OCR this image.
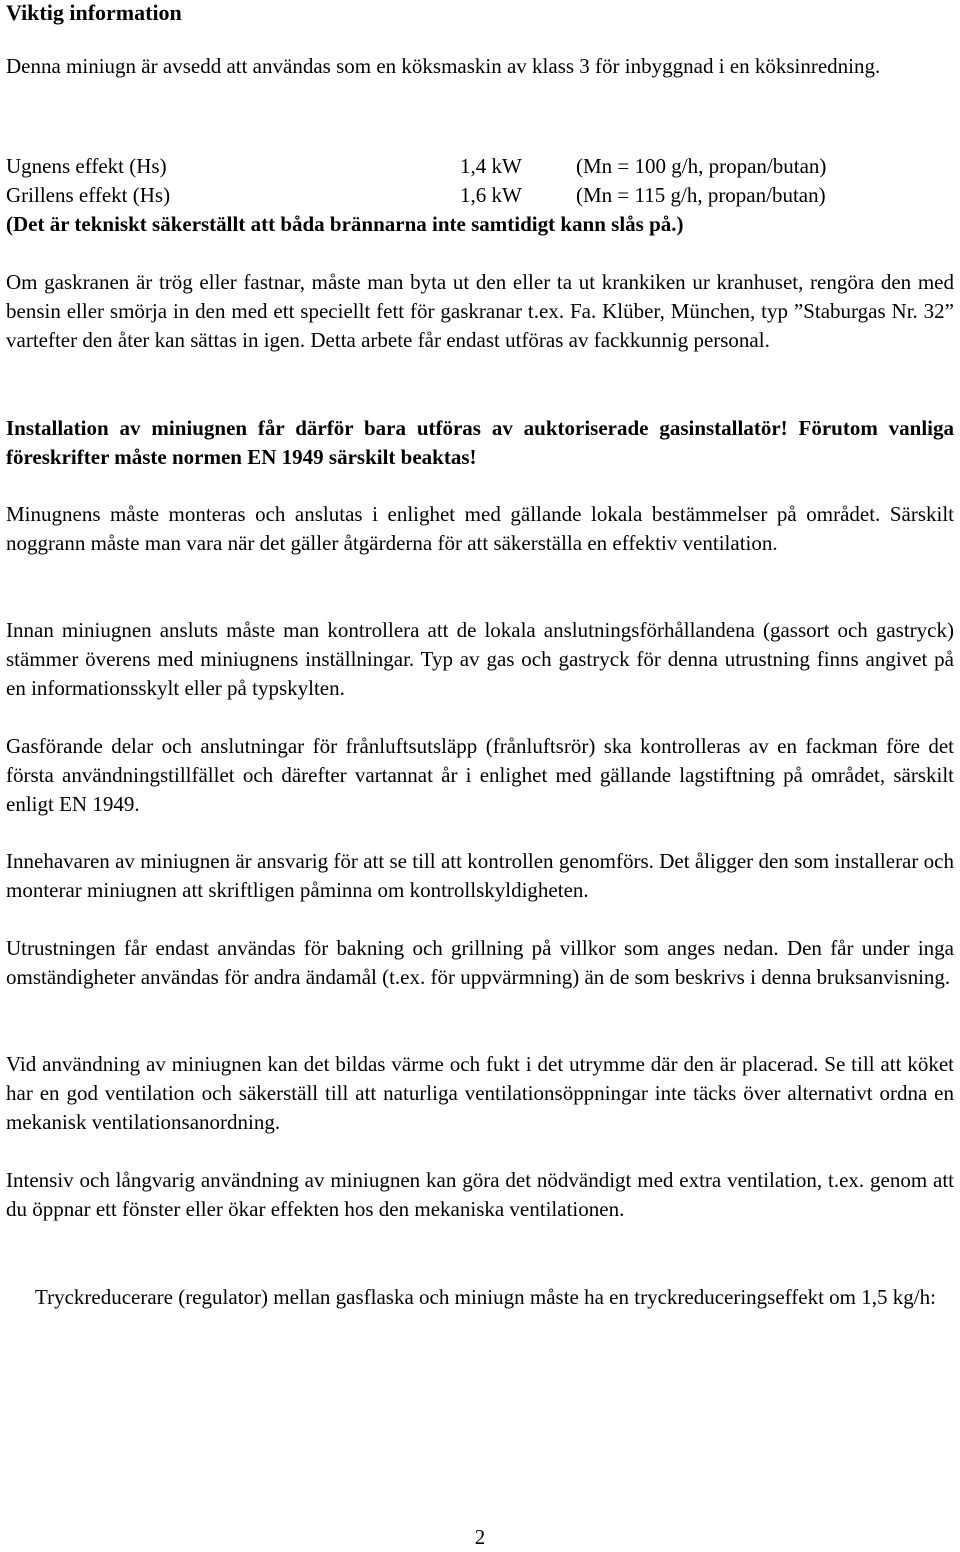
Viktig information

Denna miniugn är avsedd att användas som en köksmaskin av klass 3 för inbyggnad i en köksinredning.

Ugnens effekt (Hs)	1,4 kW	(Mn = 100 g/h, propan/butan)
Grillens effekt (Hs)	1,6 kW	(Mn = 115 g/h, propan/butan)
(Det är tekniskt säkerställt att båda brännarna inte samtidigt kann slås på.)

Om gaskranen är trög eller fastnar, måste man byta ut den eller ta ut krankiken ur kranhuset, rengöra den med bensin eller smörja in den med ett speciellt fett för gaskranar t.ex. Fa. Klüber, München, typ ”Staburgas Nr. 32” vartefter den åter kan sättas in igen. Detta arbete får endast utföras av fackkunnig personal.

Installation av miniugnen får därför bara utföras av auktoriserade gasinstallatör! Förutom vanliga föreskrifter måste normen EN 1949 särskilt beaktas!

Minugnens måste monteras och anslutas i enlighet med gällande lokala bestämmelser på området. Särskilt noggrann måste man vara när det gäller åtgärderna för att säkerställa en effektiv ventilation.

Innan miniugnen ansluts måste man kontrollera att de lokala anslutningsförhållandena (gassort och gastryck) stämmer överens med miniugnens inställningar. Typ av gas och gastryck för denna utrustning finns angivet på en informationsskylt eller på typskylten.

Gasförande delar och anslutningar för frånluftsutsläpp (frånluftsrör) ska kontrolleras av en fackman före det första användningstillfället och därefter vartannat år i enlighet med gällande lagstiftning på området, särskilt enligt EN 1949.

Innehavaren av miniugnen är ansvarig för att se till att kontrollen genomförs. Det åligger den som installerar och monterar miniugnen att skriftligen påminna om kontrollskyldigheten.

Utrustningen får endast användas för bakning och grillning på villkor som anges nedan. Den får under inga omständigheter användas för andra ändamål (t.ex. för uppvärmning) än de som beskrivs i denna bruksanvisning.

Vid användning av miniugnen kan det bildas värme och fukt i det utrymme där den är placerad. Se till att köket har en god ventilation och säkerställ till att naturliga ventilationsöppningar inte täcks över alternativt ordna en mekanisk ventilationsanordning.

Intensiv och långvarig användning av miniugnen kan göra det nödvändigt med extra ventilation, t.ex. genom att du öppnar ett fönster eller ökar effekten hos den mekaniska ventilationen.

Tryckreducerare (regulator) mellan gasflaska och miniugn måste ha en tryckreduceringseffekt om 1,5 kg/h:

2
